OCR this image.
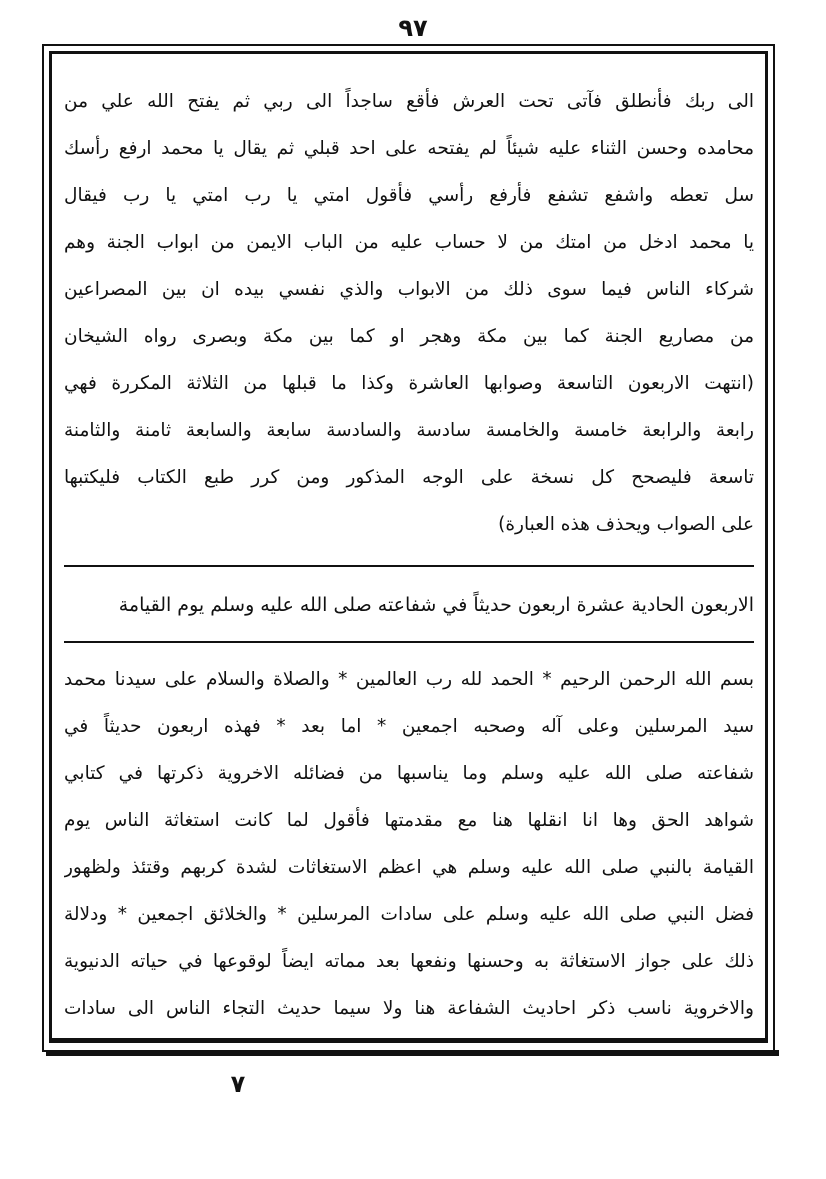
٩٧
الى ربك فأنطلق فآتى تحت العرش فأقع ساجداً الى ربي ثم يفتح الله علي من
محامده وحسن الثناء عليه شيئاً لم يفتحه على احد قبلي ثم يقال يا محمد ارفع رأسك
سل تعطه واشفع تشفع فأرفع رأسي فأقول امتي يا رب امتي يا رب فيقال
يا محمد ادخل من امتك من لا حساب عليه من الباب الايمن من ابواب الجنة وهم
شركاء الناس فيما سوى ذلك من الابواب والذي نفسي بيده ان بين المصراعين
من مصاريع الجنة كما بين مكة وهجر او كما بين مكة وبصرى رواه الشيخان
(انتهت الاربعون التاسعة وصوابها العاشرة وكذا ما قبلها من الثلاثة المكررة فهي
رابعة والرابعة خامسة والخامسة سادسة والسادسة سابعة والسابعة ثامنة والثامنة
تاسعة فليصحح كل نسخة على الوجه المذكور ومن كرر طبع الكتاب فليكتبها
على الصواب ويحذف هذه العبارة)
الاربعون الحادية عشرة اربعون حديثاً في شفاعته صلى الله عليه وسلم يوم القيامة
بسم الله الرحمن الرحيم * الحمد لله رب العالمين * والصلاة والسلام على سيدنا محمد
سيد المرسلين وعلى آله وصحبه اجمعين * اما بعد * فهذه اربعون حديثاً في
شفاعته صلى الله عليه وسلم وما يناسبها من فضائله الاخروية ذكرتها في كتابي
شواهد الحق وها انا انقلها هنا مع مقدمتها فأقول لما كانت استغاثة الناس يوم
القيامة بالنبي صلى الله عليه وسلم هي اعظم الاستغاثات لشدة كربهم وقتئذ ولظهور
فضل النبي صلى الله عليه وسلم على سادات المرسلين * والخلائق اجمعين * ودلالة
ذلك على جواز الاستغاثة به وحسنها ونفعها بعد مماته ايضاً لوقوعها في حياته الدنيوية
والاخروية ناسب ذكر احاديث الشفاعة هنا ولا سيما حديث التجاء الناس الى سادات
٧
